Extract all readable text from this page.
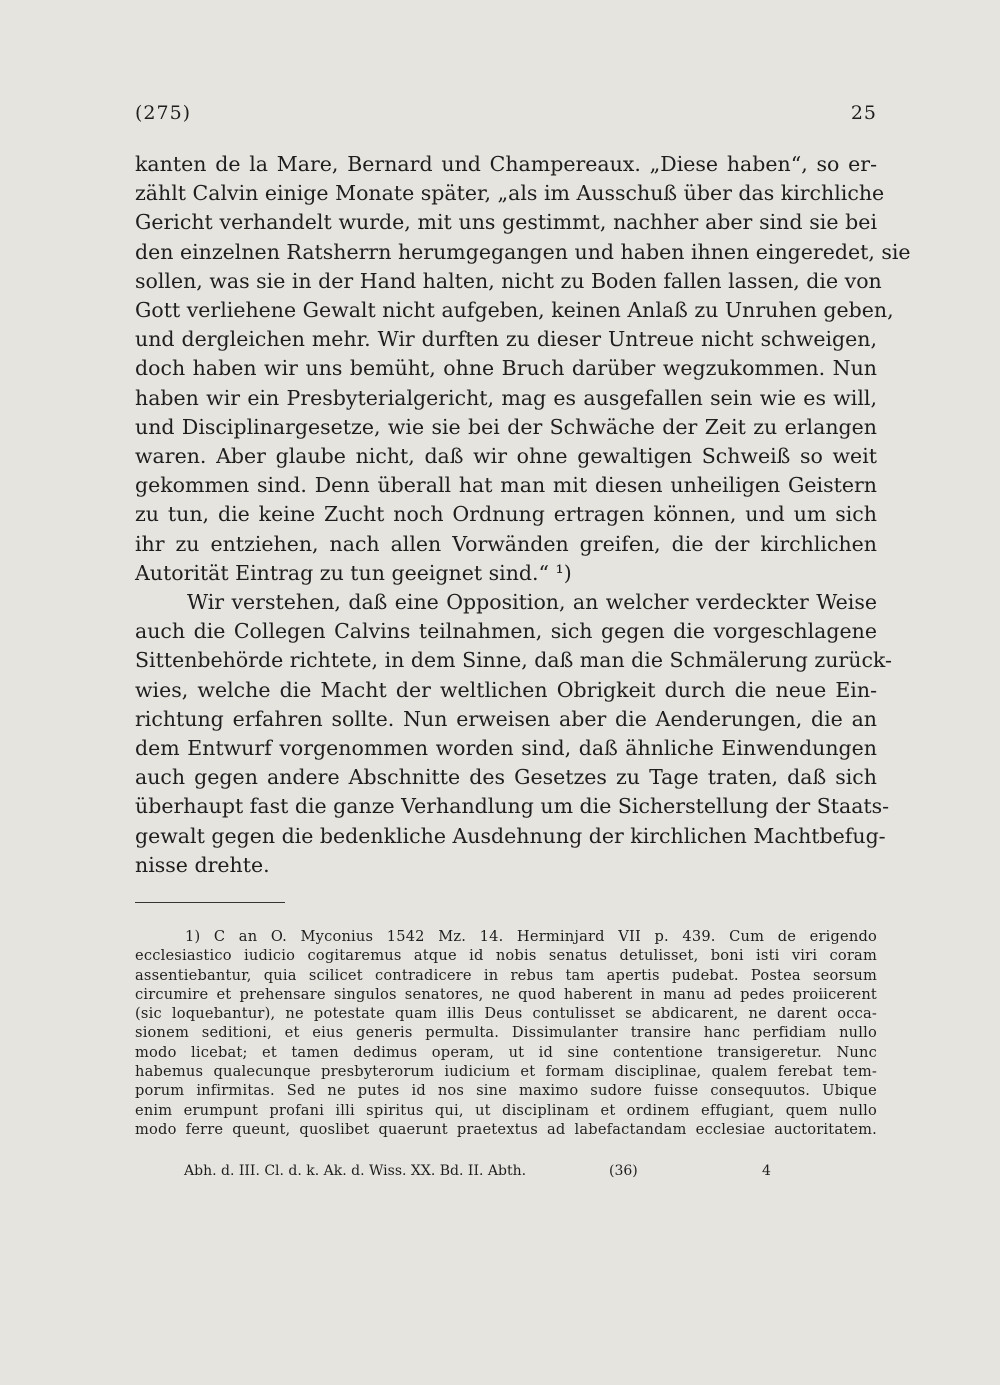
(275)	25
kanten de la Mare, Bernard und Champereaux. „Diese haben“, so er-
zählt Calvin einige Monate später, „als im Ausschuß über das kirchliche
Gericht verhandelt wurde, mit uns gestimmt, nachher aber sind sie bei
den einzelnen Ratsherrn herumgegangen und haben ihnen eingeredet, sie
sollen, was sie in der Hand halten, nicht zu Boden fallen lassen, die von
Gott verliehene Gewalt nicht aufgeben, keinen Anlaß zu Unruhen geben,
und dergleichen mehr. Wir durften zu dieser Untreue nicht schweigen,
doch haben wir uns bemüht, ohne Bruch darüber wegzukommen. Nun
haben wir ein Presbyterialgericht, mag es ausgefallen sein wie es will,
und Disciplinargesetze, wie sie bei der Schwäche der Zeit zu erlangen
waren. Aber glaube nicht, daß wir ohne gewaltigen Schweiß so weit
gekommen sind. Denn überall hat man mit diesen unheiligen Geistern
zu tun, die keine Zucht noch Ordnung ertragen können, und um sich
ihr zu entziehen, nach allen Vorwänden greifen, die der kirchlichen
Autorität Eintrag zu tun geeignet sind.“ ¹)
Wir verstehen, daß eine Opposition, an welcher verdeckter Weise
auch die Collegen Calvins teilnahmen, sich gegen die vorgeschlagene
Sittenbehörde richtete, in dem Sinne, daß man die Schmälerung zurück-
wies, welche die Macht der weltlichen Obrigkeit durch die neue Ein-
richtung erfahren sollte. Nun erweisen aber die Aenderungen, die an
dem Entwurf vorgenommen worden sind, daß ähnliche Einwendungen
auch gegen andere Abschnitte des Gesetzes zu Tage traten, daß sich
überhaupt fast die ganze Verhandlung um die Sicherstellung der Staats-
gewalt gegen die bedenkliche Ausdehnung der kirchlichen Machtbefug-
nisse drehte.
1) C an O. Myconius 1542 Mz. 14. Herminjard VII p. 439. Cum de erigendo
ecclesiastico iudicio cogitaremus atque id nobis senatus detulisset, boni isti viri coram
assentiebantur, quia scilicet contradicere in rebus tam apertis pudebat. Postea seorsum
circumire et prehensare singulos senatores, ne quod haberent in manu ad pedes proiicerent
(sic loquebantur), ne potestate quam illis Deus contulisset se abdicarent, ne darent occa-
sionem seditioni, et eius generis permulta. Dissimulanter transire hanc perfidiam nullo
modo licebat; et tamen dedimus operam, ut id sine contentione transigeretur. Nunc
habemus qualecunque presbyterorum iudicium et formam disciplinae, qualem ferebat tem-
porum infirmitas. Sed ne putes id nos sine maximo sudore fuisse consequutos. Ubique
enim erumpunt profani illi spiritus qui, ut disciplinam et ordinem effugiant, quem nullo
modo ferre queunt, quoslibet quaerunt praetextus ad labefactandam ecclesiae auctoritatem.
Abh. d. III. Cl. d. k. Ak. d. Wiss. XX. Bd. II. Abth.	(36)	4
